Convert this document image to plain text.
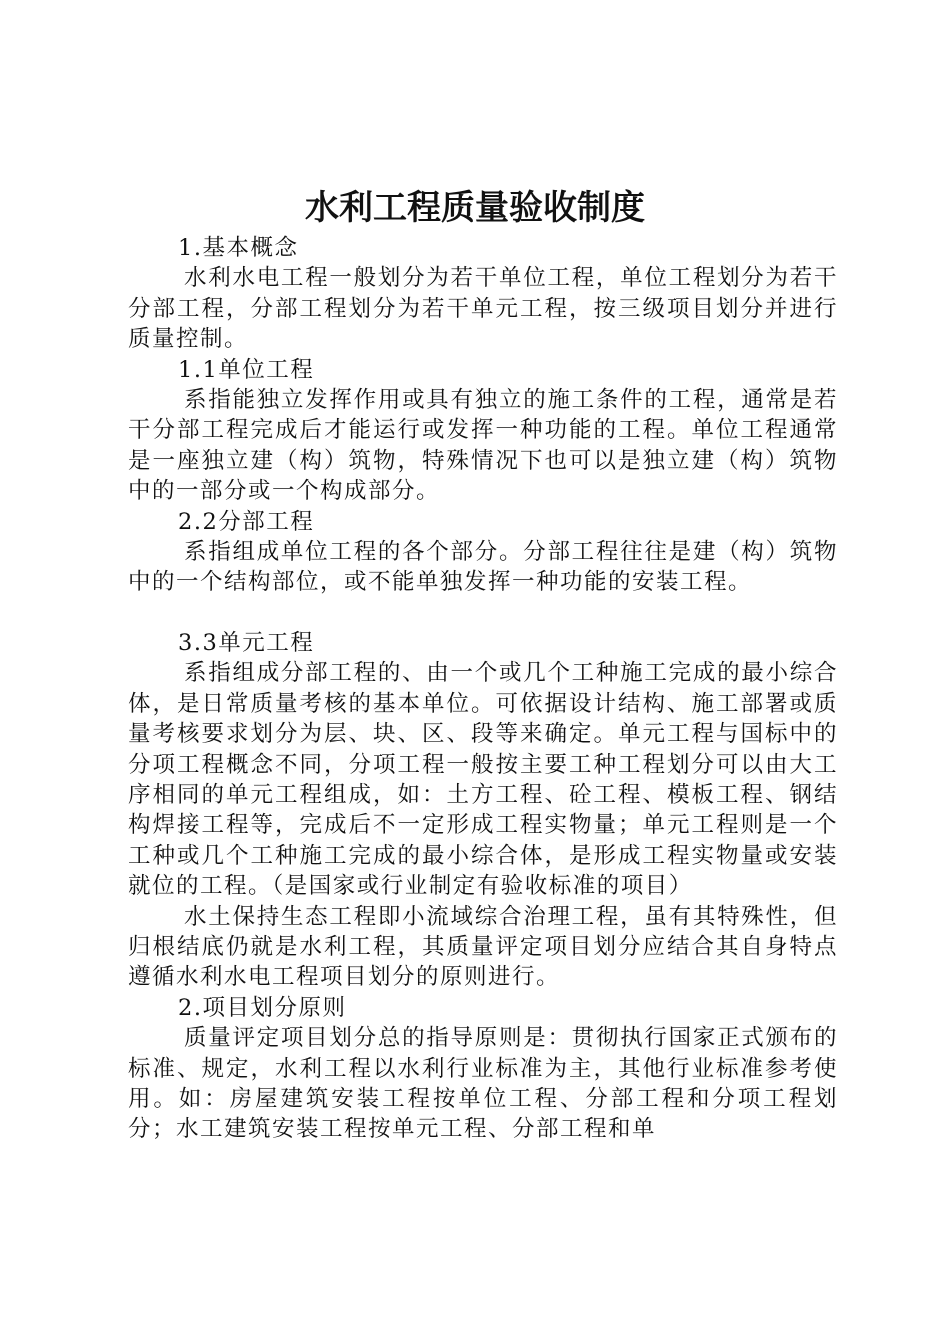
水利工程质量验收制度

1.基本概念

水利水电工程一般划分为若干单位工程，单位工程划分为若干分部工程，分部工程划分为若干单元工程，按三级项目划分并进行质量控制。

1.1单位工程

系指能独立发挥作用或具有独立的施工条件的工程，通常是若干分部工程完成后才能运行或发挥一种功能的工程。单位工程通常是一座独立建（构）筑物，特殊情况下也可以是独立建（构）筑物中的一部分或一个构成部分。

2.2分部工程

系指组成单位工程的各个部分。分部工程往往是建（构）筑物中的一个结构部位，或不能单独发挥一种功能的安装工程。

3.3单元工程

系指组成分部工程的、由一个或几个工种施工完成的最小综合体，是日常质量考核的基本单位。可依据设计结构、施工部署或质量考核要求划分为层、块、区、段等来确定。单元工程与国标中的分项工程概念不同，分项工程一般按主要工种工程划分可以由大工序相同的单元工程组成，如：土方工程、砼工程、模板工程、钢结构焊接工程等，完成后不一定形成工程实物量；单元工程则是一个工种或几个工种施工完成的最小综合体，是形成工程实物量或安装就位的工程。（是国家或行业制定有验收标准的项目）

水土保持生态工程即小流域综合治理工程，虽有其特殊性，但归根结底仍就是水利工程，其质量评定项目划分应结合其自身特点遵循水利水电工程项目划分的原则进行。

2.项目划分原则

质量评定项目划分总的指导原则是：贯彻执行国家正式颁布的标准、规定，水利工程以水利行业标准为主，其他行业标准参考使用。如：房屋建筑安装工程按单位工程、分部工程和分项工程划分；水工建筑安装工程按单元工程、分部工程和单
